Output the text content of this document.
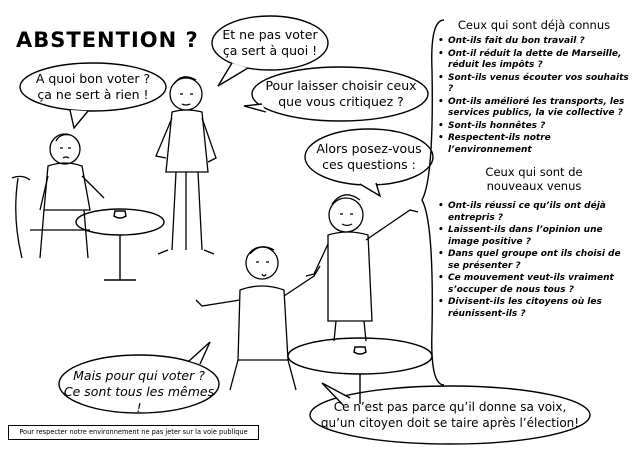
ABSTENTION ?
A quoi bon voter ?
ça ne sert à rien !
Et ne pas voter
ça sert à quoi !
Pour laisser choisir ceux
que vous critiquez ?
Alors posez-vous
ces questions :
Mais pour qui voter ?
Ce sont tous les mêmes !	Ce n’est pas parce qu’il donne sa voix,
qu’un citoyen doit se taire après l’élection!
Ceux qui sont déjà connus
• Ont-ils fait du bon travail ?
• Ont-il réduit la dette de Marseille, réduit les impôts ?
• Sont-ils venus écouter vos souhaits ?
• Ont-ils amélioré les transports, les services publics, la vie collective ?
• Sont-ils honnêtes ?
• Respectent-ils notre l’environnement
Ceux qui sont de
nouveaux venus
• Ont-ils réussi ce qu’ils ont déjà entrepris ?
• Laissent-ils dans l’opinion une image positive ?
• Dans quel groupe ont ils choisi de se présenter ?
• Ce mouvement veut-ils vraiment s’occuper de nous tous ?
• Divisent-ils les citoyens où les réunissent-ils ?
Pour respecter notre environnement ne pas jeter sur la voie publique
